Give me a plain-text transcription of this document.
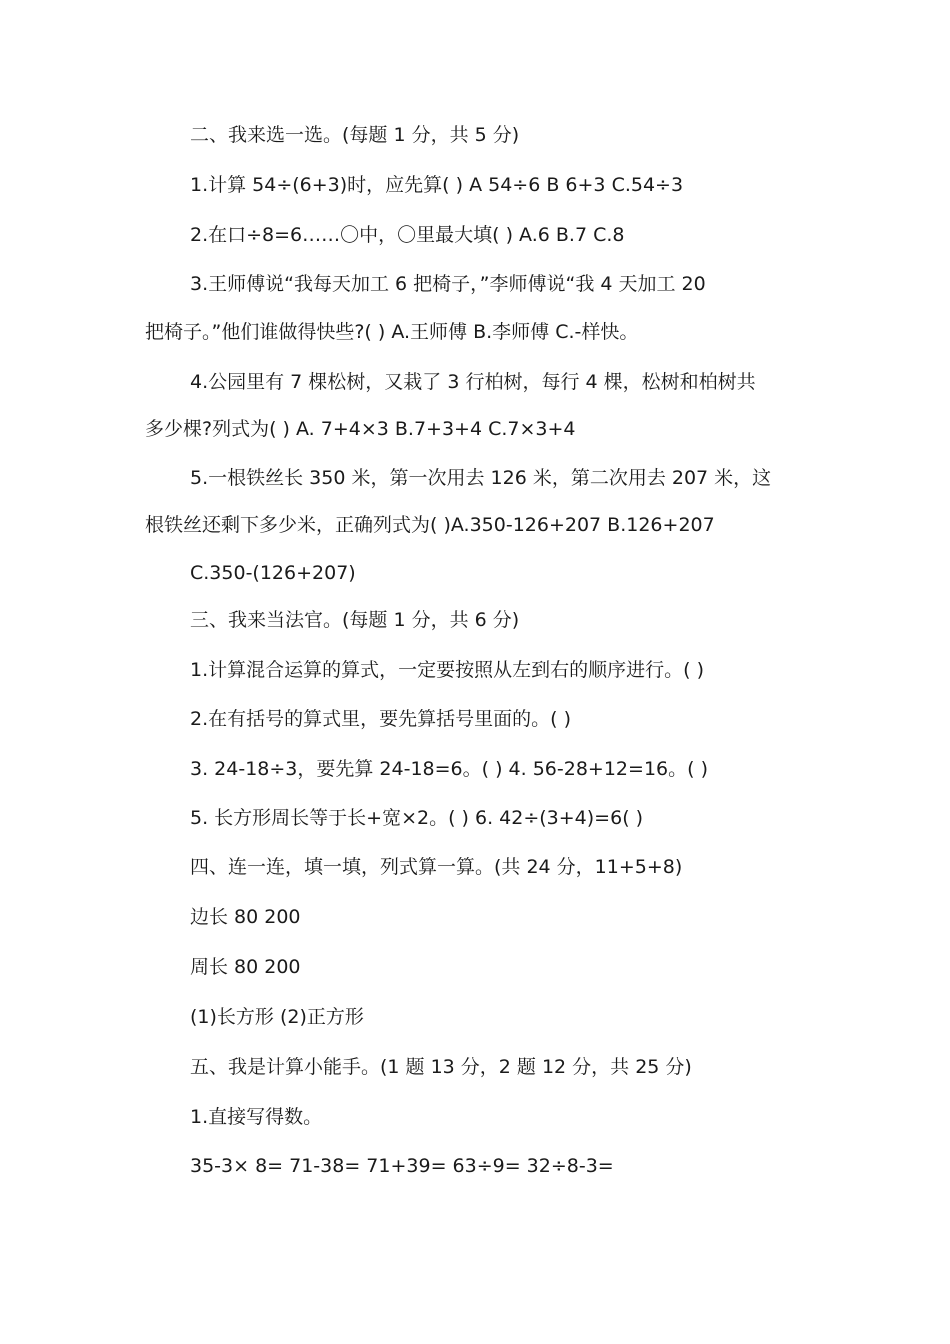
二、我来选一选。(每题 1 分，共 5 分)
1.计算 54÷(6+3)时，应先算( ) A 54÷6 B 6+3 C.54÷3
2.在口÷8=6……〇中，〇里最大填( ) A.6 B.7 C.8
3.王师傅说“我每天加工 6 把椅子，”李师傅说“我 4 天加工 20
把椅子。”他们谁做得快些?( ) A.王师傅 B.李师傅 C.-样快。
4.公园里有 7 棵松树，又栽了 3 行柏树，每行 4 棵，松树和柏树共
多少棵?列式为( ) A. 7+4×3 B.7+3+4 C.7×3+4
5.一根铁丝长 350 米，第一次用去 126 米，第二次用去 207 米，这
根铁丝还剩下多少米，正确列式为( )A.350-126+207 B.126+207
C.350-(126+207)
三、我来当法官。(每题 1 分，共 6 分)
1.计算混合运算的算式，一定要按照从左到右的顺序进行。( )
2.在有括号的算式里，要先算括号里面的。( )
3. 24-18÷3，要先算 24-18=6。( ) 4. 56-28+12=16。( )
5. 长方形周长等于长+宽×2。( ) 6. 42÷(3+4)=6( )
四、连一连，填一填，列式算一算。(共 24 分，11+5+8)
边长 80 200
周长 80 200
(1)长方形 (2)正方形
五、我是计算小能手。(1 题 13 分，2 题 12 分，共 25 分)
1.直接写得数。
35-3× 8= 71-38= 71+39= 63÷9= 32÷8-3=
